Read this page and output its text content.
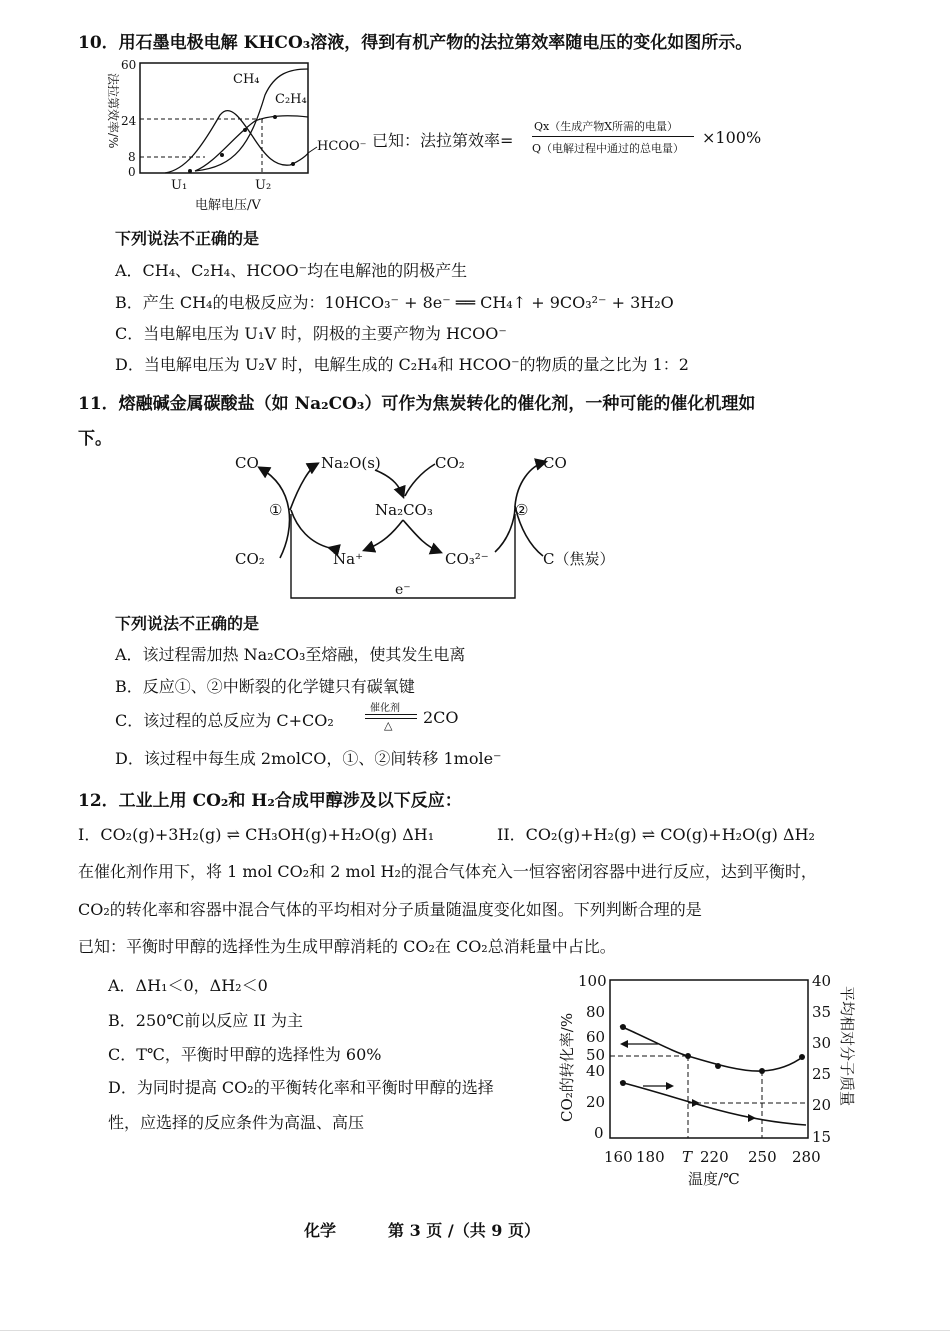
10．用石墨电极电解 KHCO₃溶液，得到有机产物的法拉第效率随电压的变化如图所示。
60
24
8
0
CH₄
C₂H₄
HCOO⁻
U₁	U₂
电解电压/V
法拉第效率/%	已知：法拉第效率=
Qx（生成产物X所需的电量）
Q（电解过程中通过的总电量）
×100%
下列说法不正确的是
A．CH₄、C₂H₄、HCOO⁻均在电解池的阴极产生
B．产生 CH₄的电极反应为：10HCO₃⁻ + 8e⁻ ══ CH₄↑ + 9CO₃²⁻ + 3H₂O
C．当电解电压为 U₁V 时，阴极的主要产物为 HCOO⁻
D．当电解电压为 U₂V 时，电解生成的 C₂H₄和 HCOO⁻的物质的量之比为 1：2
11．熔融碱金属碳酸盐（如 Na₂CO₃）可作为焦炭转化的催化剂，一种可能的催化机理如
下。
CO	Na₂O(s)	CO₂	CO
①	Na₂CO₃	②
CO₂	Na⁺	CO₃²⁻	C（焦炭）
e⁻
下列说法不正确的是
A．该过程需加热 Na₂CO₃至熔融，使其发生电离
B．反应①、②中断裂的化学键只有碳氧键
C．该过程的总反应为 C+CO₂
催化剂
△ 2CO
D．该过程中每生成 2molCO，①、②间转移 1mole⁻
12．工业上用 CO₂和 H₂合成甲醇涉及以下反应：
I．CO₂(g)+3H₂(g) ⇌ CH₃OH(g)+H₂O(g) ΔH₁	II．CO₂(g)+H₂(g) ⇌ CO(g)+H₂O(g) ΔH₂
在催化剂作用下，将 1 mol CO₂和 2 mol H₂的混合气体充入一恒容密闭容器中进行反应，达到平衡时，
CO₂的转化率和容器中混合气体的平均相对分子质量随温度变化如图。下列判断合理的是
已知：平衡时甲醇的选择性为生成甲醇消耗的 CO₂在 CO₂总消耗量中占比。
A．ΔH₁＜0，ΔH₂＜0
B．250℃前以反应 II 为主
C．T℃，平衡时甲醇的选择性为 60%
D．为同时提高 CO₂的平衡转化率和平衡时甲醇的选择
性，应选择的反应条件为高温、高压
100
80
60
50
40
20
0
40
35
30
25
20
15
160 180 T 220 250 280
温度/℃
CO₂的转化率/%	平均相对分子质量
化学	第 3 页 /（共 9 页）
